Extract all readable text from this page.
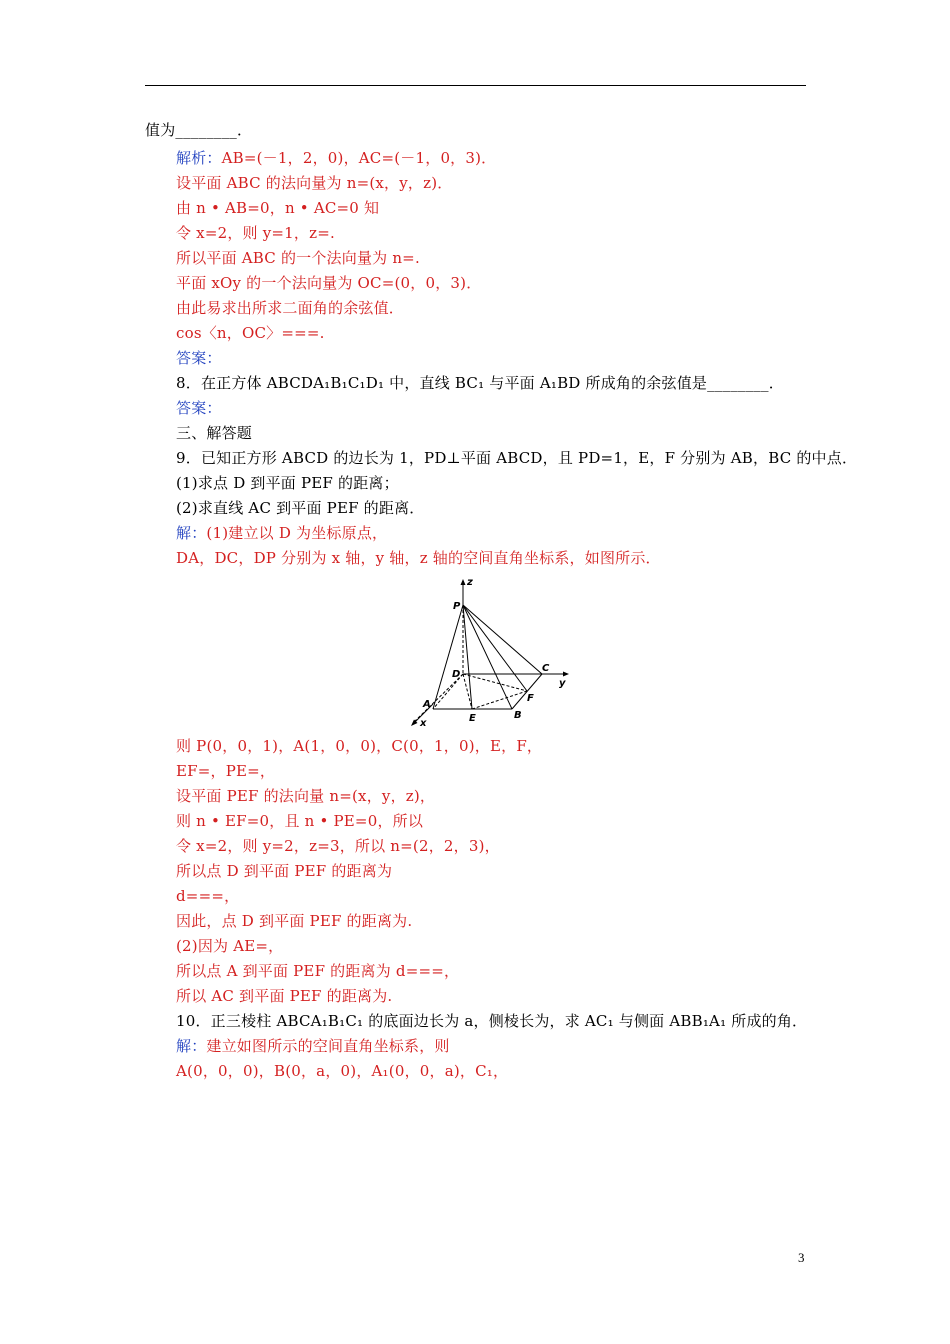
值为________．
解析：AB=(－1，2，0)，AC=(－1，0，3)．
设平面 ABC 的法向量为 n=(x，y，z)．
由 n • AB=0，n • AC=0 知
令 x=2，则 y=1，z=.
所以平面 ABC 的一个法向量为 n=.
平面 xOy 的一个法向量为 OC=(0，0，3)．
由此易求出所求二面角的余弦值．
cos〈n，OC〉===.
答案：
8．在正方体 ABCDA₁B₁C₁D₁ 中，直线 BC₁ 与平面 A₁BD 所成角的余弦值是________．
答案：
三、解答题
9．已知正方形 ABCD 的边长为 1，PD⊥平面 ABCD，且 PD=1，E，F 分别为 AB，BC 的中点．
(1)求点 D 到平面 PEF 的距离；
(2)求直线 AC 到平面 PEF 的距离．
解：(1)建立以 D 为坐标原点，
DA，DC，DP 分别为 x 轴，y 轴，z 轴的空间直角坐标系，如图所示．
则 P(0，0，1)，A(1，0，0)，C(0，1，0)，E，F，
EF=，PE=，
设平面 PEF 的法向量 n=(x，y，z)，
则 n • EF=0，且 n • PE=0，所以
令 x=2，则 y=2，z=3，所以 n=(2，2，3)，
所以点 D 到平面 PEF 的距离为
d===，
因此，点 D 到平面 PEF 的距离为.
(2)因为 AE=，
所以点 A 到平面 PEF 的距离为 d===，
所以 AC 到平面 PEF 的距离为.
10．正三棱柱 ABCA₁B₁C₁ 的底面边长为 a，侧棱长为，求 AC₁ 与侧面 ABB₁A₁ 所成的角．
解：建立如图所示的空间直角坐标系，则
A(0，0，0)，B(0，a，0)，A₁(0，0，a)，C₁，
P
D
C
A
E	B
F
x
y
z
3
